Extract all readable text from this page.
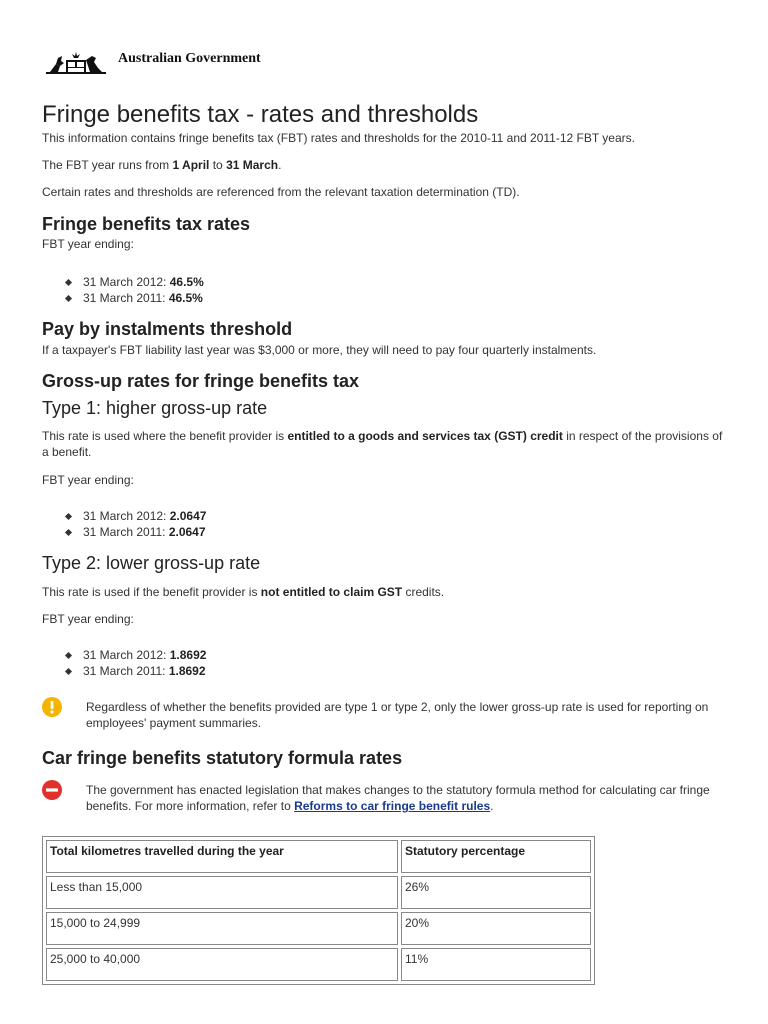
Australian Government
Fringe benefits tax - rates and thresholds

This information contains fringe benefits tax (FBT) rates and thresholds for the 2010-11 and 2011-12 FBT years.

The FBT year runs from 1 April to 31 March.

Certain rates and thresholds are referenced from the relevant taxation determination (TD).

Fringe benefits tax rates

FBT year ending:

31 March 2012: 46.5%
31 March 2011: 46.5%
Pay by instalments threshold

If a taxpayer's FBT liability last year was $3,000 or more, they will need to pay four quarterly instalments.

Gross-up rates for fringe benefits tax
Type 1: higher gross-up rate

This rate is used where the benefit provider is entitled to a goods and services tax (GST) credit in respect of the provisions of a benefit.

FBT year ending:

31 March 2012: 2.0647
31 March 2011: 2.0647
Type 2: lower gross-up rate

This rate is used if the benefit provider is not entitled to claim GST credits.

FBT year ending:

31 March 2012: 1.8692
31 March 2011: 1.8692

Regardless of whether the benefits provided are type 1 or type 2, only the lower gross-up rate is used for reporting on employees' payment summaries.

Car fringe benefits statutory formula rates

The government has enacted legislation that makes changes to the statutory formula method for calculating car fringe benefits. For more information, refer to Reforms to car fringe benefit rules.

Total kilometres travelled during the year	Statutory percentage
Less than 15,000	26%
15,000 to 24,999	20%
25,000 to 40,000	11%
